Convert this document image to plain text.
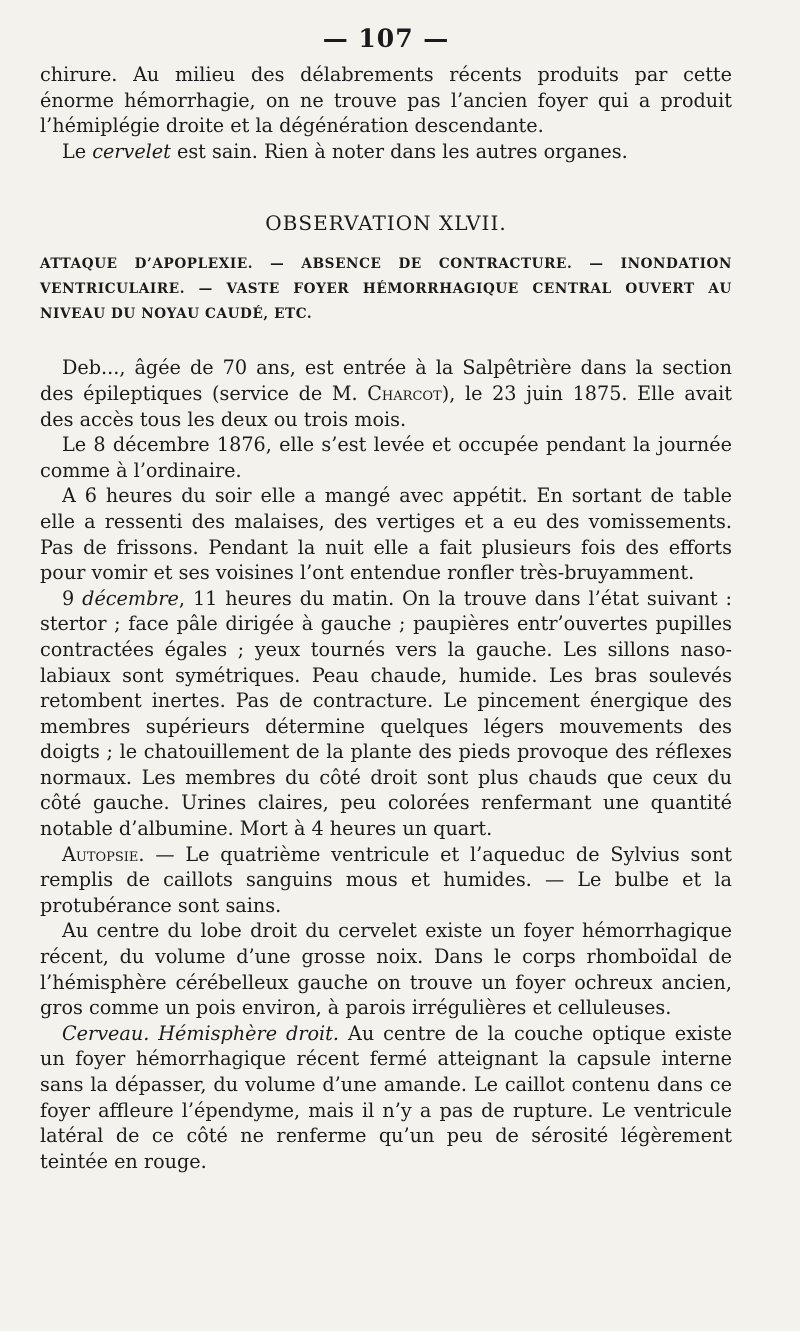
— 107 —

chirure. Au milieu des délabrements récents produits par cette énorme hémorrhagie, on ne trouve pas l’ancien foyer qui a produit l’hémiplégie droite et la dégénération descendante.

Le cervelet est sain. Rien à noter dans les autres organes.

OBSERVATION XLVII.
ATTAQUE D’APOPLEXIE. — ABSENCE DE CONTRACTURE. — INONDATION VENTRICULAIRE. — VASTE FOYER HÉMORRHAGIQUE CENTRAL OUVERT AU NIVEAU DU NOYAU CAUDÉ, ETC.

Deb..., âgée de 70 ans, est entrée à la Salpêtrière dans la section des épileptiques (service de M. Charcot), le 23 juin 1875. Elle avait des accès tous les deux ou trois mois.

Le 8 décembre 1876, elle s’est levée et occupée pendant la journée comme à l’ordinaire.

A 6 heures du soir elle a mangé avec appétit. En sortant de table elle a ressenti des malaises, des vertiges et a eu des vomissements. Pas de frissons. Pendant la nuit elle a fait plusieurs fois des efforts pour vomir et ses voisines l’ont entendue ronfler très-bruyamment.

9 décembre, 11 heures du matin. On la trouve dans l’état suivant : stertor ; face pâle dirigée à gauche ; paupières entr’ouvertes pupilles contractées égales ; yeux tournés vers la gauche. Les sillons naso-labiaux sont symétriques. Peau chaude, humide. Les bras soulevés retombent inertes. Pas de contracture. Le pincement énergique des membres supérieurs détermine quelques légers mouvements des doigts ; le chatouillement de la plante des pieds provoque des réflexes normaux. Les membres du côté droit sont plus chauds que ceux du côté gauche. Urines claires, peu colorées renfermant une quantité notable d’albumine. Mort à 4 heures un quart.

Autopsie. — Le quatrième ventricule et l’aqueduc de Sylvius sont remplis de caillots sanguins mous et humides. — Le bulbe et la protubérance sont sains.

Au centre du lobe droit du cervelet existe un foyer hémorrhagique récent, du volume d’une grosse noix. Dans le corps rhomboïdal de l’hémisphère cérébelleux gauche on trouve un foyer ochreux ancien, gros comme un pois environ, à parois irrégulières et celluleuses.

Cerveau. Hémisphère droit. Au centre de la couche optique existe un foyer hémorrhagique récent fermé atteignant la capsule interne sans la dépasser, du volume d’une amande. Le caillot contenu dans ce foyer affleure l’épendyme, mais il n’y a pas de rupture. Le ventricule latéral de ce côté ne renferme qu’un peu de sérosité légèrement teintée en rouge.
